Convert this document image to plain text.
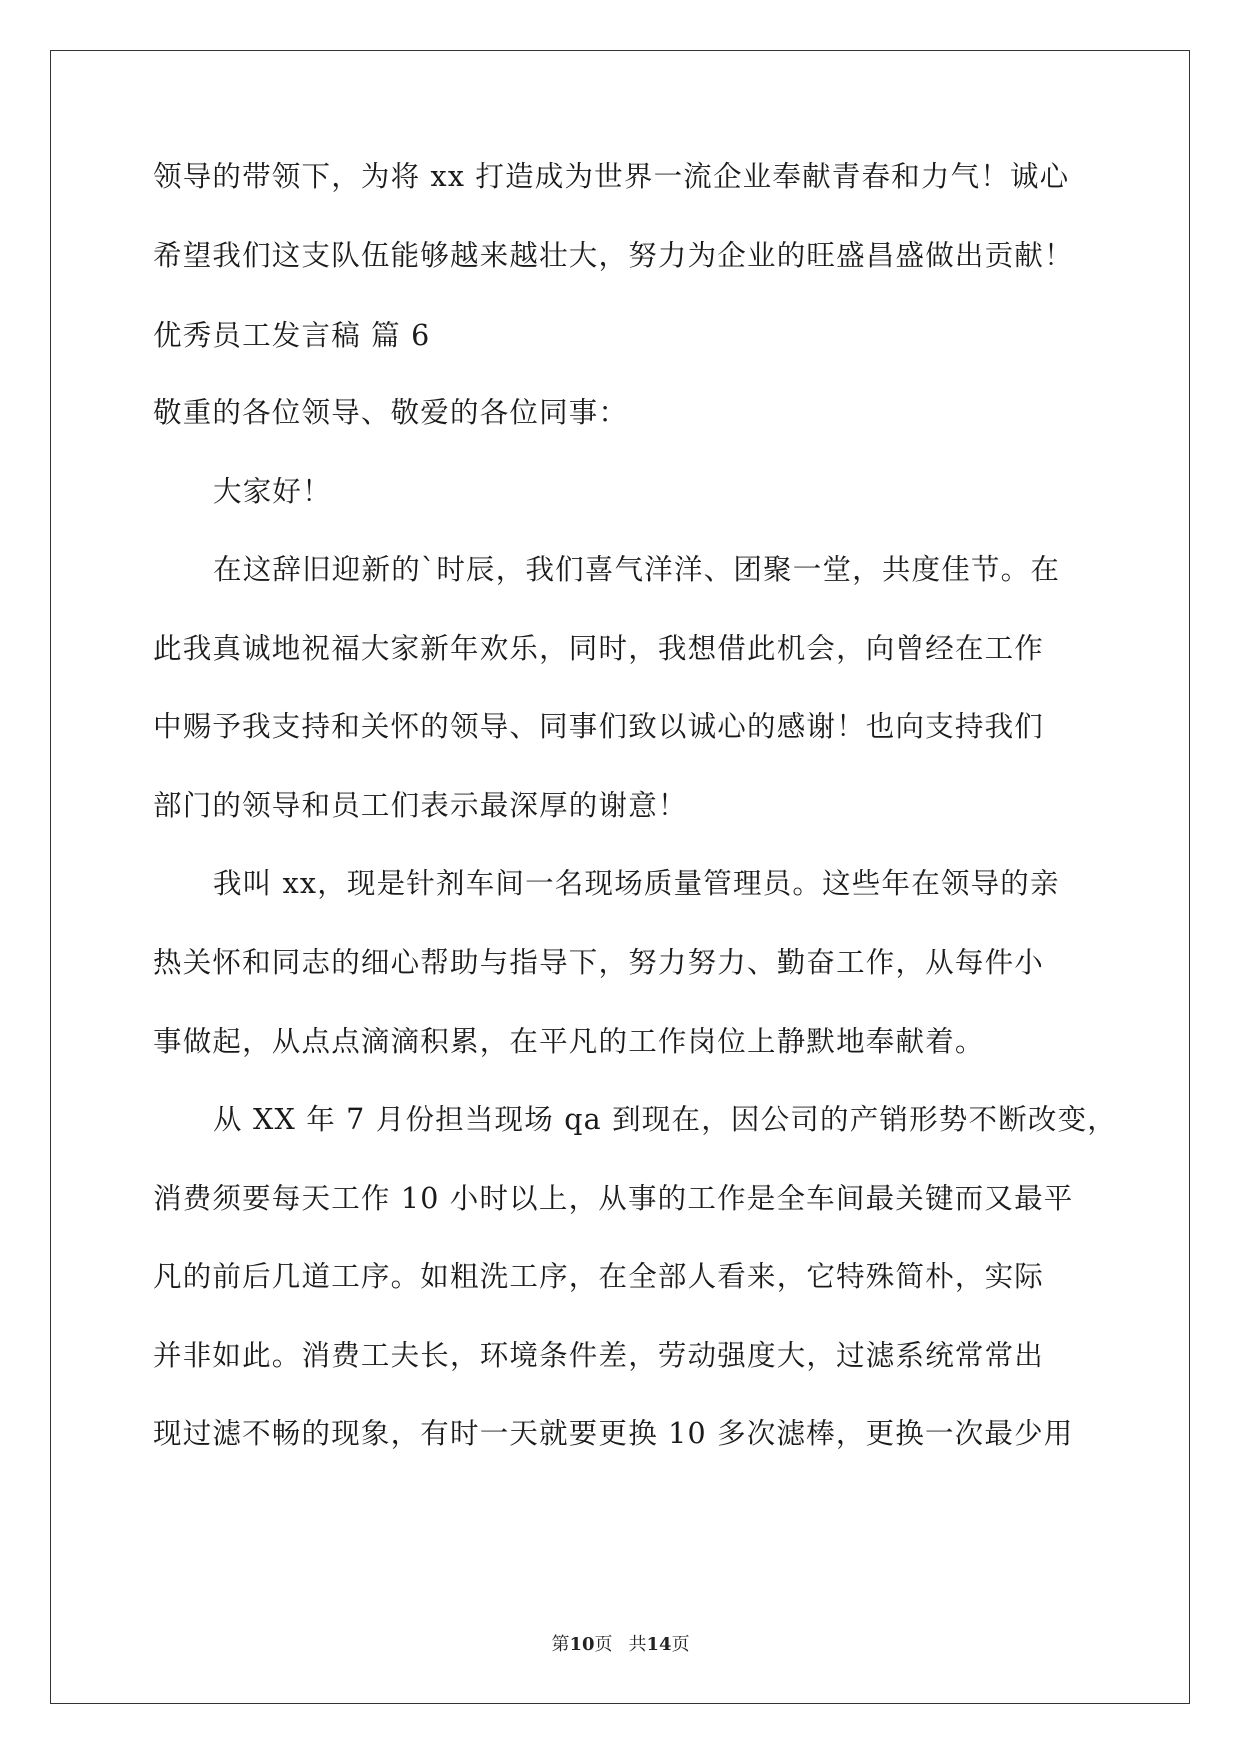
领导的带领下，为将 xx 打造成为世界一流企业奉献青春和力气！诚心
希望我们这支队伍能够越来越壮大，努力为企业的旺盛昌盛做出贡献！
优秀员工发言稿 篇 6
敬重的各位领导、敬爱的各位同事：
大家好！
在这辞旧迎新的`时辰，我们喜气洋洋、团聚一堂，共度佳节。在
此我真诚地祝福大家新年欢乐，同时，我想借此机会，向曾经在工作
中赐予我支持和关怀的领导、同事们致以诚心的感谢！也向支持我们
部门的领导和员工们表示最深厚的谢意！
我叫 xx，现是针剂车间一名现场质量管理员。这些年在领导的亲
热关怀和同志的细心帮助与指导下，努力努力、勤奋工作，从每件小
事做起，从点点滴滴积累，在平凡的工作岗位上静默地奉献着。
从 XX 年 7 月份担当现场 qa 到现在，因公司的产销形势不断改变，
消费须要每天工作 10 小时以上，从事的工作是全车间最关键而又最平
凡的前后几道工序。如粗洗工序，在全部人看来，它特殊简朴，实际
并非如此。消费工夫长，环境条件差，劳动强度大，过滤系统常常出
现过滤不畅的现象，有时一天就要更换 10 多次滤棒，更换一次最少用
第10页 共14页
